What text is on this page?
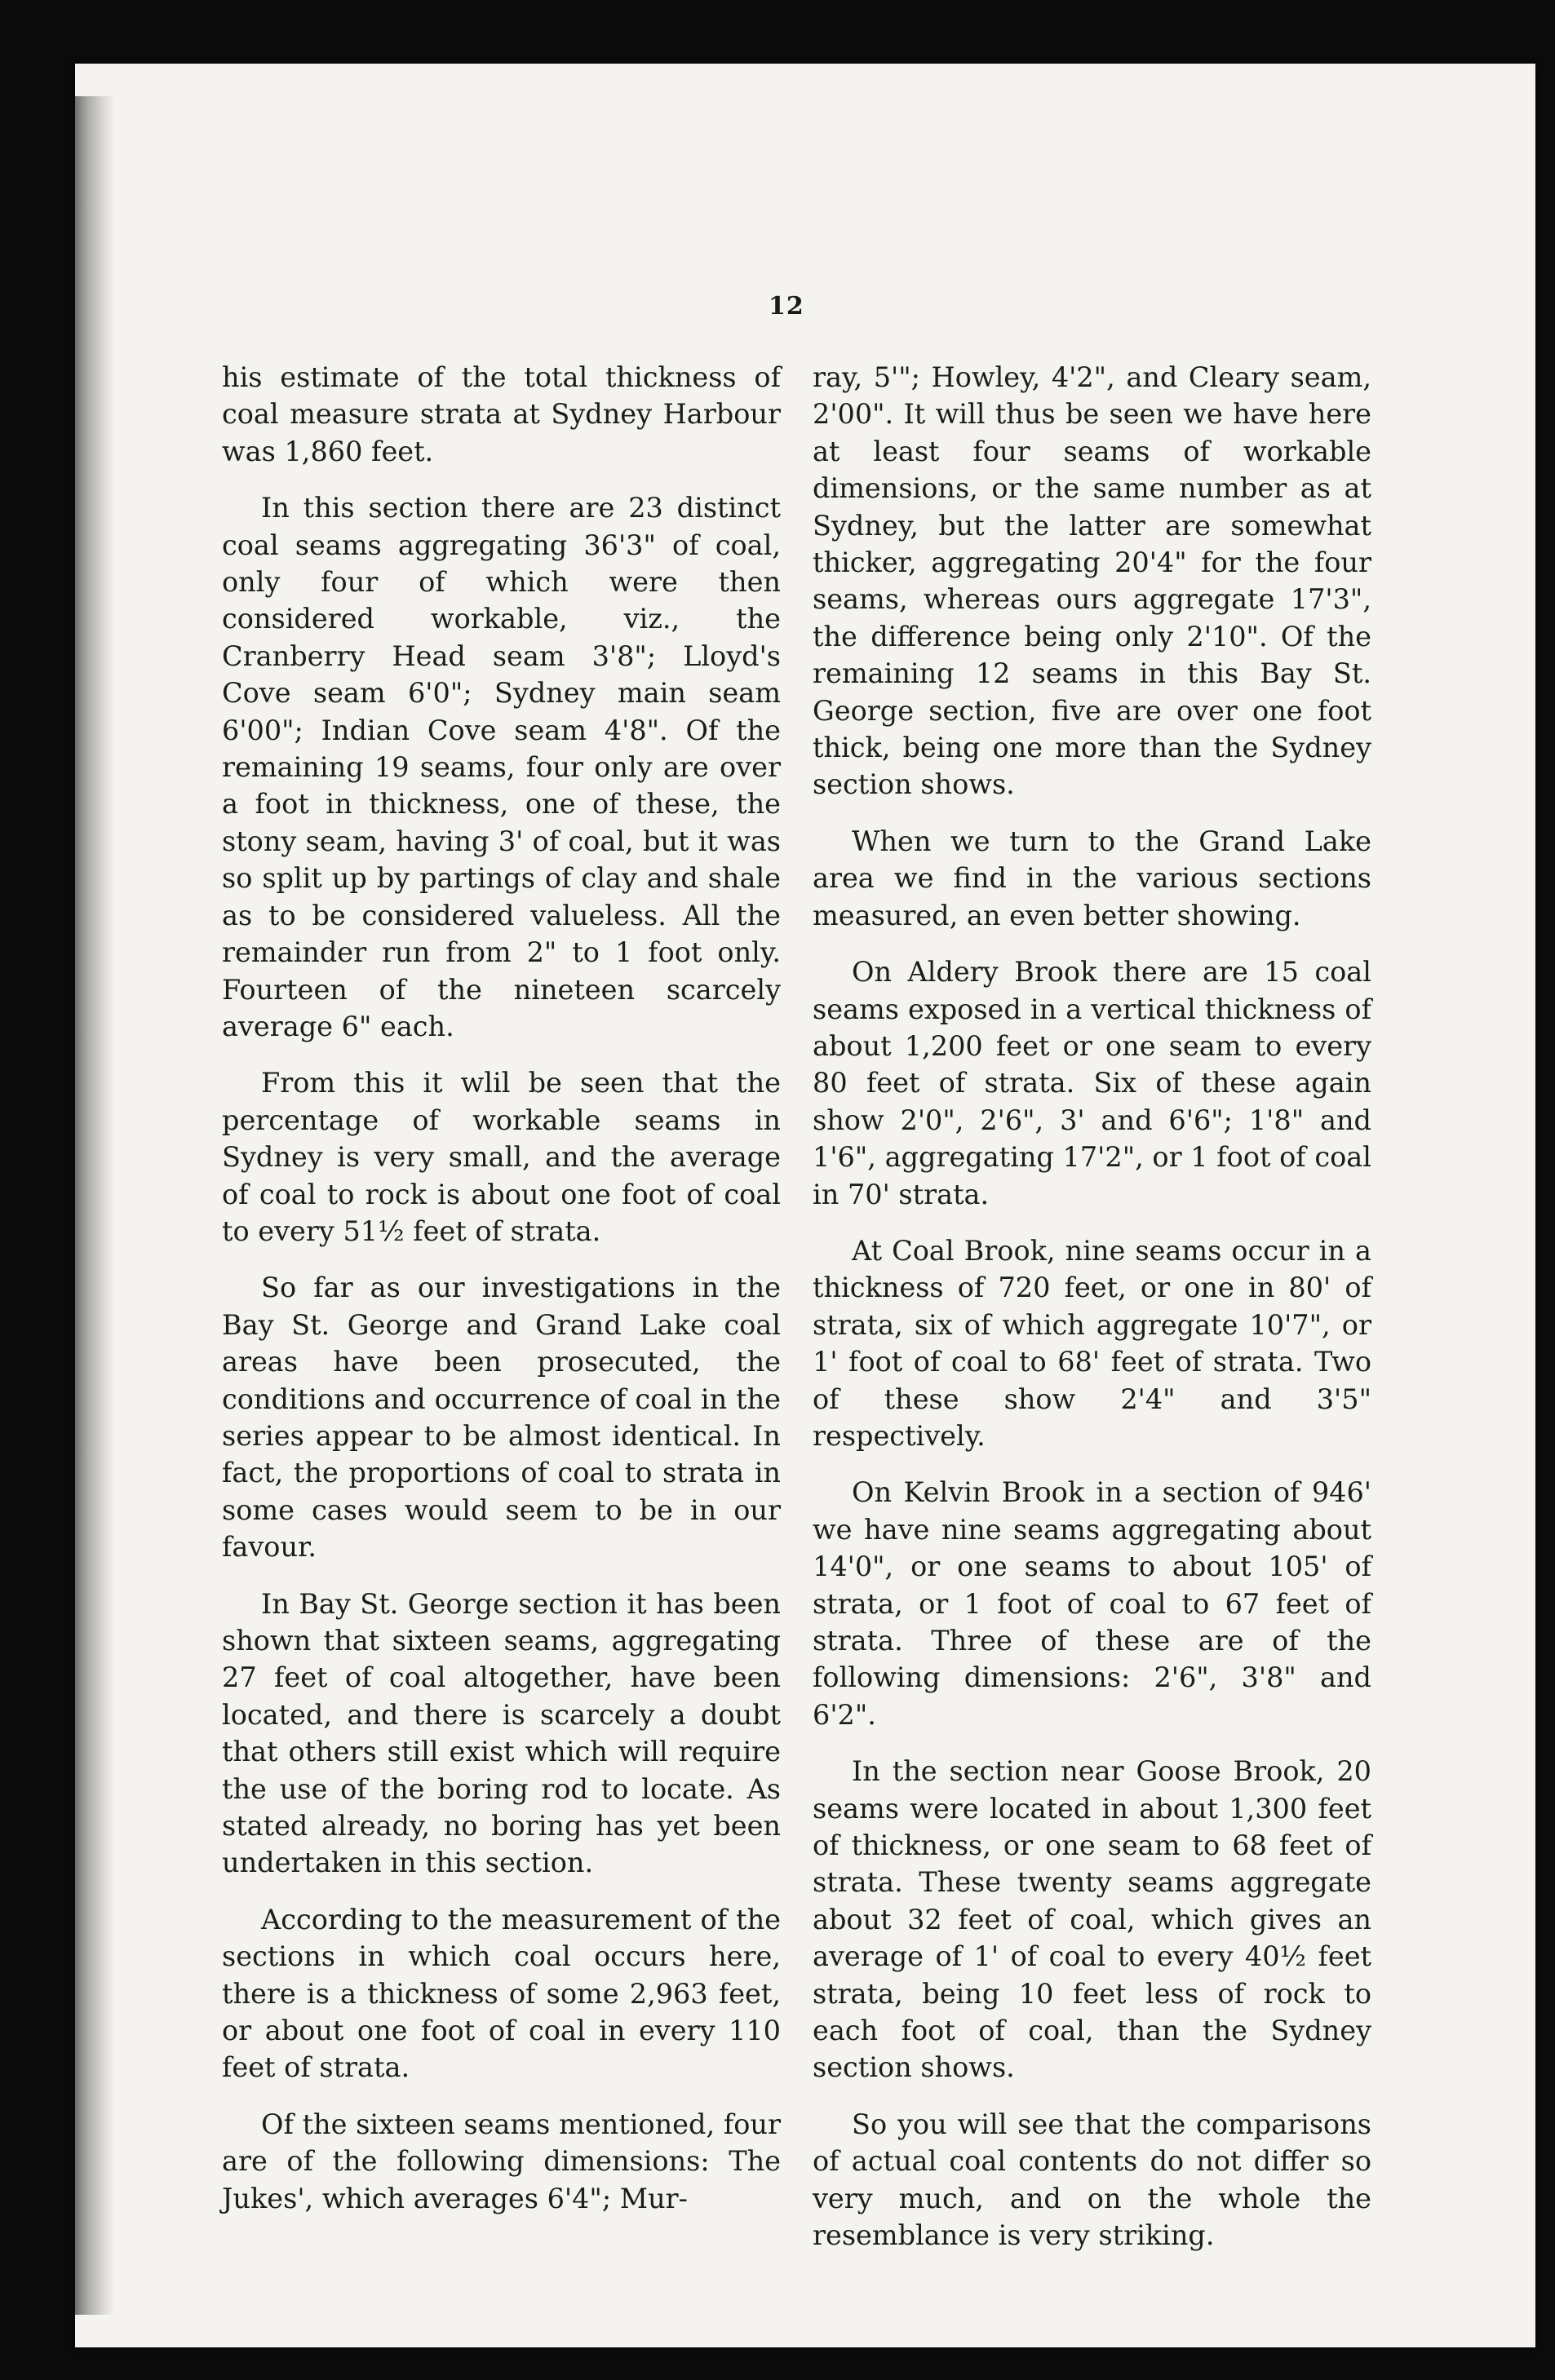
12

his estimate of the total thickness of coal measure strata at Sydney Harbour was 1,860 feet.

In this section there are 23 distinct coal seams aggregating 36'3" of coal, only four of which were then considered workable, viz., the Cranberry Head seam 3'8"; Lloyd's Cove seam 6'0"; Sydney main seam 6'00"; Indian Cove seam 4'8". Of the remaining 19 seams, four only are over a foot in thickness, one of these, the stony seam, having 3' of coal, but it was so split up by partings of clay and shale as to be considered valueless. All the remainder run from 2" to 1 foot only. Fourteen of the nineteen scarcely average 6" each.

From this it wlil be seen that the percentage of workable seams in Sydney is very small, and the average of coal to rock is about one foot of coal to every 51½ feet of strata.

So far as our investigations in the Bay St. George and Grand Lake coal areas have been prosecuted, the conditions and occurrence of coal in the series appear to be almost identical. In fact, the proportions of coal to strata in some cases would seem to be in our favour.

In Bay St. George section it has been shown that sixteen seams, aggregating 27 feet of coal altogether, have been located, and there is scarcely a doubt that others still exist which will require the use of the boring rod to locate. As stated already, no boring has yet been undertaken in this section.

According to the measurement of the sections in which coal occurs here, there is a thickness of some 2,963 feet, or about one foot of coal in every 110 feet of strata.

Of the sixteen seams mentioned, four are of the following dimensions: The Jukes', which averages 6'4"; Mur-

ray, 5'"; Howley, 4'2", and Cleary seam, 2'00". It will thus be seen we have here at least four seams of workable dimensions, or the same number as at Sydney, but the latter are somewhat thicker, aggregating 20'4" for the four seams, whereas ours aggregate 17'3", the difference being only 2'10". Of the remaining 12 seams in this Bay St. George section, five are over one foot thick, being one more than the Sydney section shows.

When we turn to the Grand Lake area we find in the various sections measured, an even better showing.

On Aldery Brook there are 15 coal seams exposed in a vertical thickness of about 1,200 feet or one seam to every 80 feet of strata. Six of these again show 2'0", 2'6", 3' and 6'6"; 1'8" and 1'6", aggregating 17'2", or 1 foot of coal in 70' strata.

At Coal Brook, nine seams occur in a thickness of 720 feet, or one in 80' of strata, six of which aggregate 10'7", or 1' foot of coal to 68' feet of strata. Two of these show 2'4" and 3'5" respectively.

On Kelvin Brook in a section of 946' we have nine seams aggregating about 14'0", or one seams to about 105' of strata, or 1 foot of coal to 67 feet of strata. Three of these are of the following dimensions: 2'6", 3'8" and 6'2".

In the section near Goose Brook, 20 seams were located in about 1,300 feet of thickness, or one seam to 68 feet of strata. These twenty seams aggregate about 32 feet of coal, which gives an average of 1' of coal to every 40½ feet strata, being 10 feet less of rock to each foot of coal, than the Sydney section shows.

So you will see that the comparisons of actual coal contents do not differ so very much, and on the whole the resemblance is very striking.
